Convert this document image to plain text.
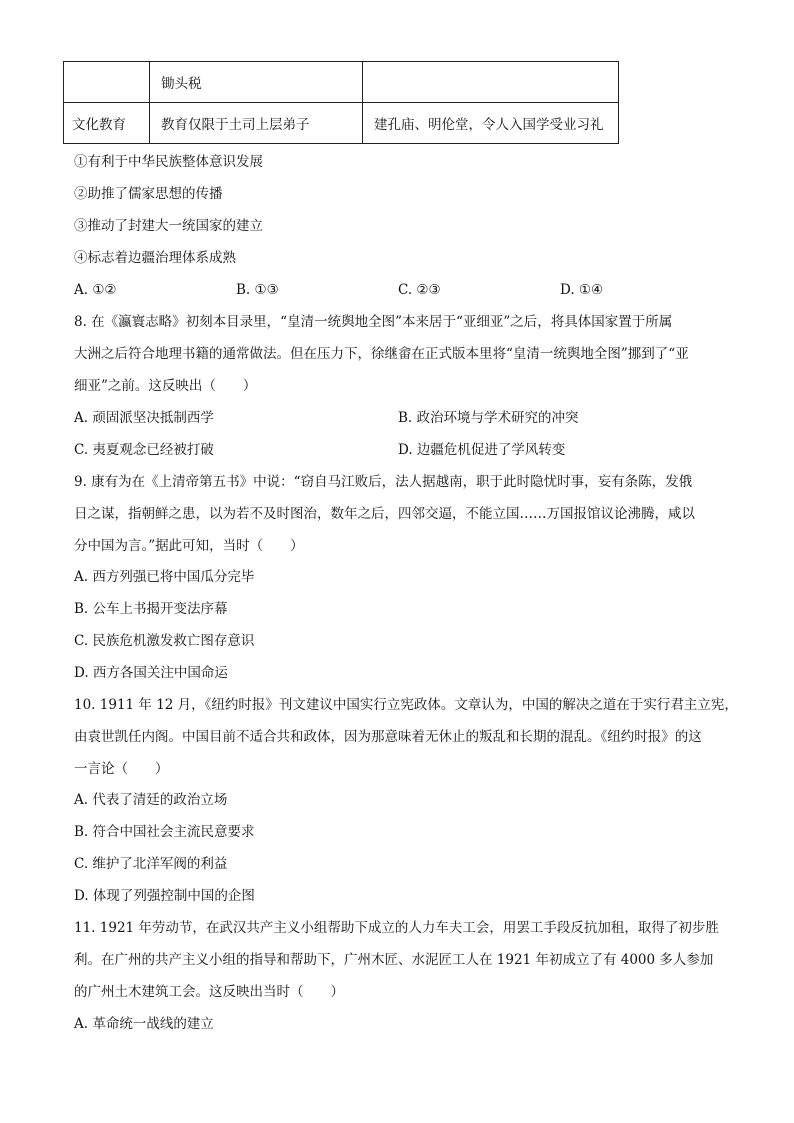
	锄头税	
文化教育	教育仅限于土司上层弟子	建孔庙、明伦堂，令人入国学受业习礼
①有利于中华民族整体意识发展
②助推了儒家思想的传播
③推动了封建大一统国家的建立
④标志着边疆治理体系成熟
A. ①②	B. ①③	C. ②③	D. ①④
8. 在《瀛寰志略》初刻本目录里，“皇清一统舆地全图”本来居于“亚细亚”之后，将具体国家置于所属
大洲之后符合地理书籍的通常做法。但在压力下，徐继畲在正式版本里将“皇清一统舆地全图”挪到了“亚
细亚”之前。这反映出（　　）
A. 顽固派坚决抵制西学	B. 政治环境与学术研究的冲突
C. 夷夏观念已经被打破	D. 边疆危机促进了学风转变
9. 康有为在《上清帝第五书》中说：“窃自马江败后，法人据越南，职于此时隐忧时事，妄有条陈，发俄
日之谋，指朝鲜之患，以为若不及时图治，数年之后，四邻交逼，不能立国……万国报馆议论沸腾，咸以
分中国为言。”据此可知，当时（　　）
A. 西方列强已将中国瓜分完毕
B. 公车上书揭开变法序幕
C. 民族危机激发救亡图存意识
D. 西方各国关注中国命运
10. 1911 年 12 月，《纽约时报》刊文建议中国实行立宪政体。文章认为，中国的解决之道在于实行君主立宪，
由袁世凯任内阁。中国目前不适合共和政体，因为那意味着无休止的叛乱和长期的混乱。《纽约时报》的这
一言论（　　）
A. 代表了清廷的政治立场
B. 符合中国社会主流民意要求
C. 维护了北洋军阀的利益
D. 体现了列强控制中国的企图
11. 1921 年劳动节，在武汉共产主义小组帮助下成立的人力车夫工会，用罢工手段反抗加租，取得了初步胜
利。在广州的共产主义小组的指导和帮助下，广州木匠、水泥匠工人在 1921 年初成立了有 4000 多人参加
的广州土木建筑工会。这反映出当时（　　）
A. 革命统一战线的建立
